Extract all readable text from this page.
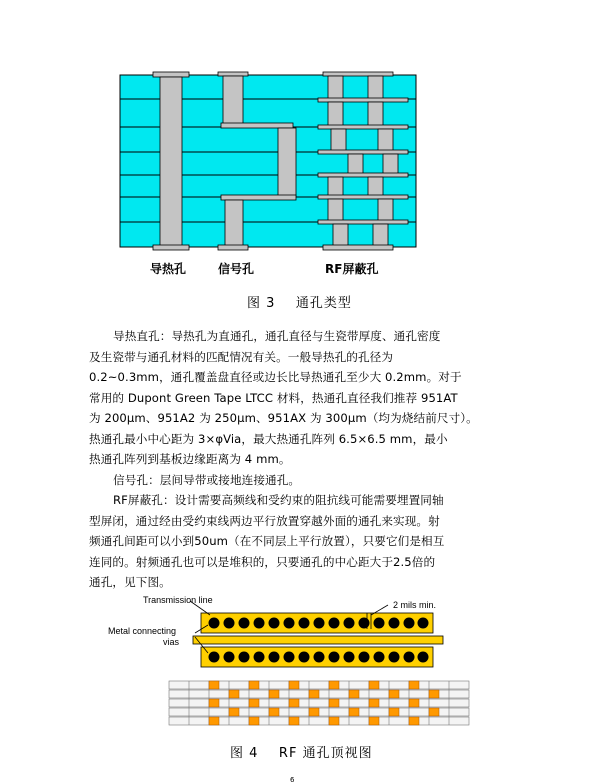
导热孔	信号孔	RF屏蔽孔
图 3    通孔类型

导热直孔：导热孔为直通孔，通孔直径与生瓷带厚度、通孔密度

及生瓷带与通孔材料的匹配情况有关。一般导热孔的孔径为

0.2~0.3mm，通孔覆盖盘直径或边长比导热通孔至少大 0.2mm。对于

常用的 Dupont Green Tape LTCC 材料，热通孔直径我们推荐 951AT

为 200μm、951A2 为 250μm、951AX 为 300μm（均为烧结前尺寸）。

热通孔最小中心距为 3×φVia，最大热通孔阵列 6.5×6.5 mm，最小

热通孔阵列到基板边缘距离为 4 mm。

信号孔：层间导带或接地连接通孔。

RF屏蔽孔：设计需要高频线和受约束的阻抗线可能需要埋置同轴

型屏闭，通过经由受约束线两边平行放置穿越外面的通孔来实现。射

频通孔间距可以小到50um（在不同层上平行放置），只要它们是相互

连同的。射频通孔也可以是堆积的，只要通孔的中心距大于2.5倍的

通孔，见下图。

Transmission line	2 mils min.
Metal connecting
vias
图 4    RF 通孔顶视图
6
